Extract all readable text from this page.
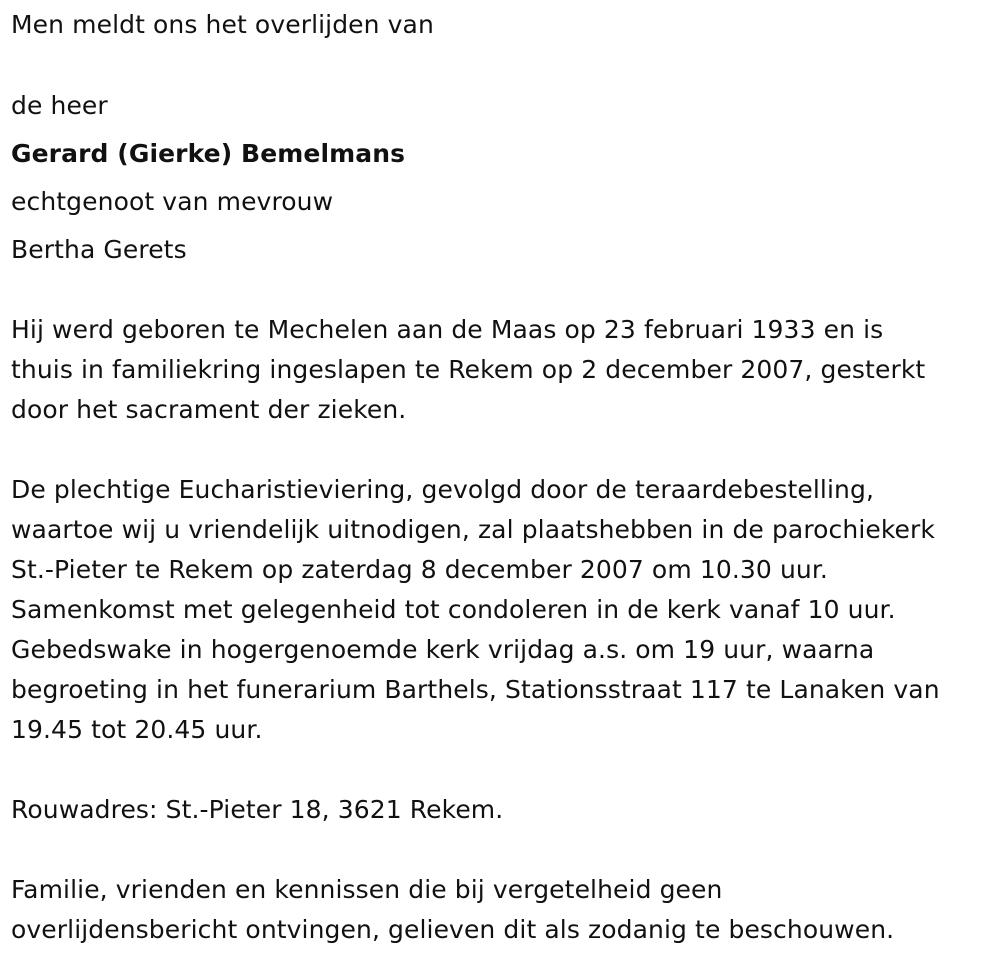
Men meldt ons het overlijden van
de heer
Gerard (Gierke) Bemelmans
echtgenoot van mevrouw
Bertha Gerets
Hij werd geboren te Mechelen aan de Maas op 23 februari 1933 en is
thuis in familiekring ingeslapen te Rekem op 2 december 2007, gesterkt
door het sacrament der zieken.
De plechtige Eucharistieviering, gevolgd door de teraardebestelling,
waartoe wij u vriendelijk uitnodigen, zal plaatshebben in de parochiekerk
St.-Pieter te Rekem op zaterdag 8 december 2007 om 10.30 uur.
Samenkomst met gelegenheid tot condoleren in de kerk vanaf 10 uur.
Gebedswake in hogergenoemde kerk vrijdag a.s. om 19 uur, waarna
begroeting in het funerarium Barthels, Stationsstraat 117 te Lanaken van
19.45 tot 20.45 uur.
Rouwadres: St.-Pieter 18, 3621 Rekem.
Familie, vrienden en kennissen die bij vergetelheid geen
overlijdensbericht ontvingen, gelieven dit als zodanig te beschouwen.
